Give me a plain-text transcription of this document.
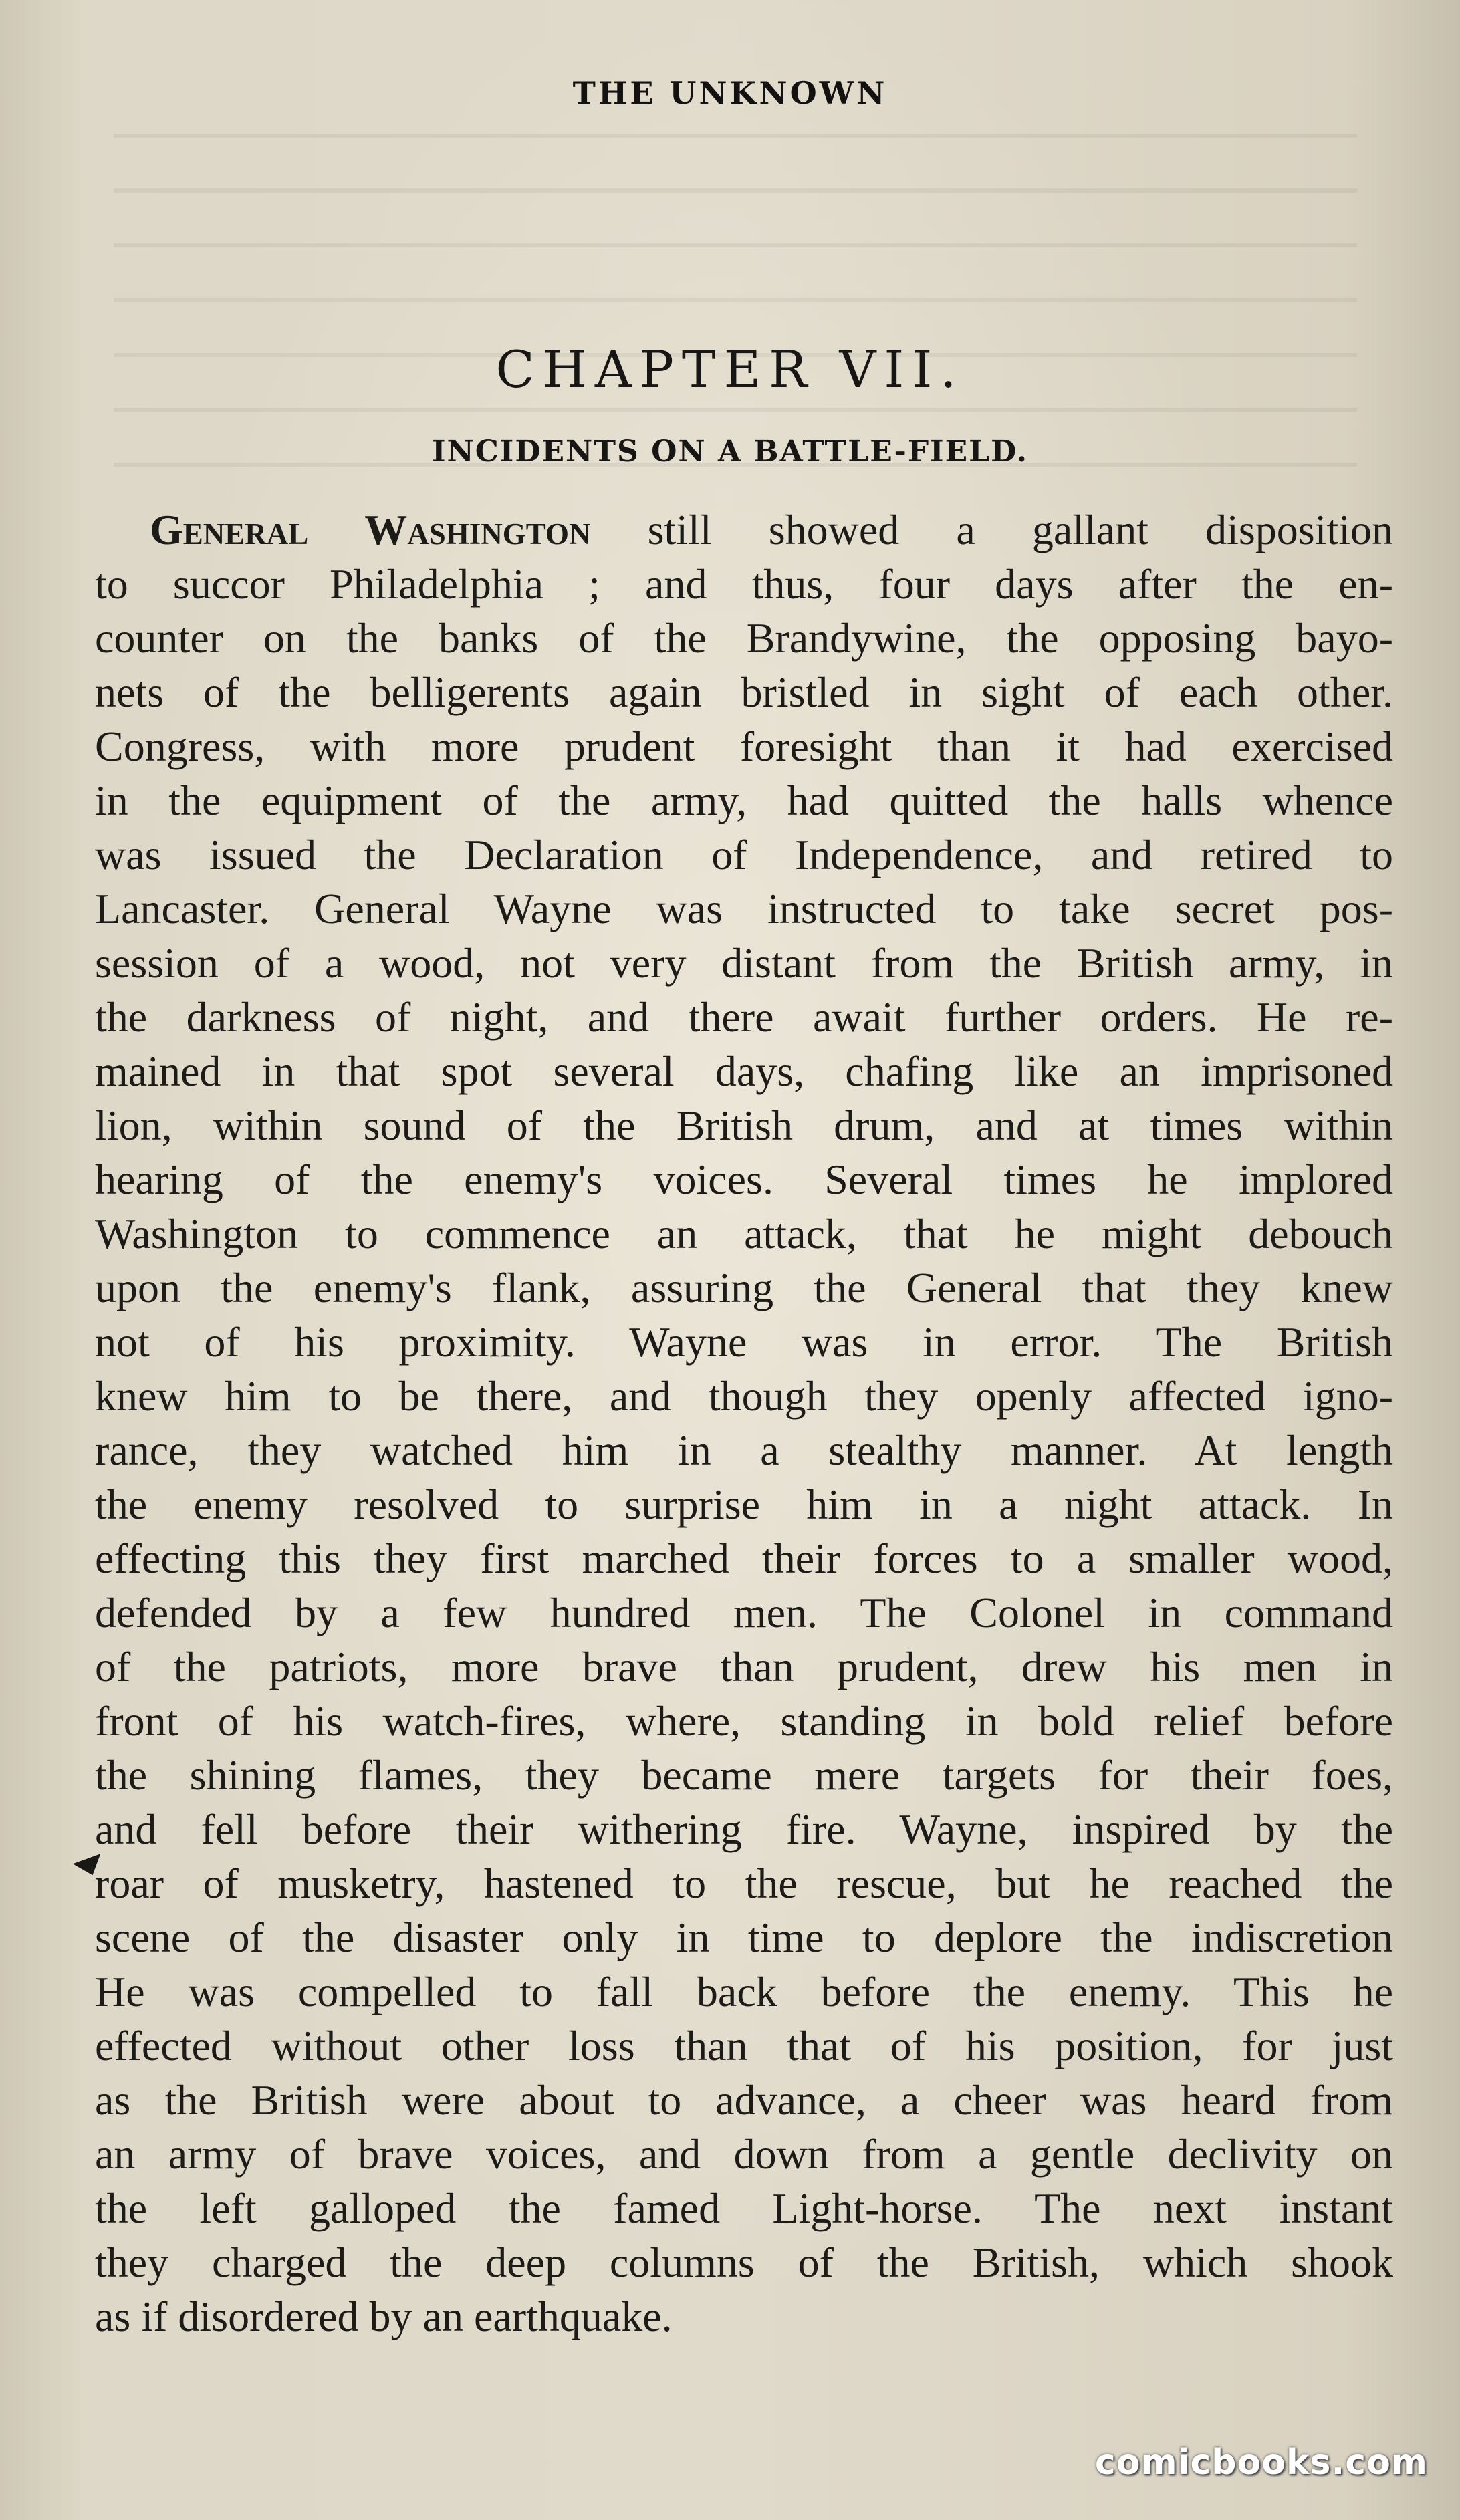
THE UNKNOWN
CHAPTER VII.
INCIDENTS ON A BATTLE-FIELD.
General Washington still showed a gallant disposition
to succor Philadelphia ; and thus, four days after the en-
counter on the banks of the Brandywine, the opposing bayo-
nets of the belligerents again bristled in sight of each other.
Congress, with more prudent foresight than it had exercised
in the equipment of the army, had quitted the halls whence
was issued the Declaration of Independence, and retired to
Lancaster. General Wayne was instructed to take secret pos-
session of a wood, not very distant from the British army, in
the darkness of night, and there await further orders. He re-
mained in that spot several days, chafing like an imprisoned
lion, within sound of the British drum, and at times within
hearing of the enemy's voices. Several times he implored
Washington to commence an attack, that he might debouch
upon the enemy's flank, assuring the General that they knew
not of his proximity. Wayne was in error. The British
knew him to be there, and though they openly affected igno-
rance, they watched him in a stealthy manner. At length
the enemy resolved to surprise him in a night attack. In
effecting this they first marched their forces to a smaller wood,
defended by a few hundred men. The Colonel in command
of the patriots, more brave than prudent, drew his men in
front of his watch-fires, where, standing in bold relief before
the shining flames, they became mere targets for their foes,
and fell before their withering fire. Wayne, inspired by the
roar of musketry, hastened to the rescue, but he reached the
scene of the disaster only in time to deplore the indiscretion
He was compelled to fall back before the enemy. This he
effected without other loss than that of his position, for just
as the British were about to advance, a cheer was heard from
an army of brave voices, and down from a gentle declivity on
the left galloped the famed Light-horse. The next instant
they charged the deep columns of the British, which shook
as if disordered by an earthquake.
comicbooks.com
